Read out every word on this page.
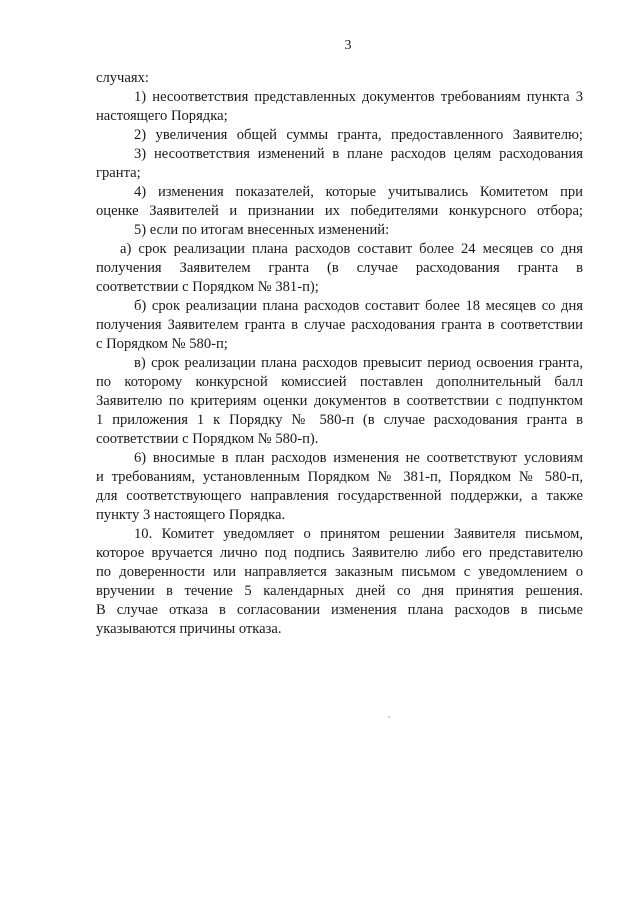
3
случаях:
1) несоответствия представленных документов требованиям пункта 3
настоящего Порядка;
2) увеличения общей суммы гранта, предоставленного Заявителю;
3) несоответствия изменений в плане расходов целям расходования
гранта;
4) изменения показателей, которые учитывались Комитетом при
оценке Заявителей и признании их победителями конкурсного отбора;
5) если по итогам внесенных изменений:
а) срок реализации плана расходов составит более 24 месяцев со дня
получения Заявителем гранта (в случае расходования гранта в
соответствии с Порядком № 381-п);
б) срок реализации плана расходов составит более 18 месяцев со дня
получения Заявителем гранта в случае расходования гранта в соответствии
с Порядком № 580-п;
в) срок реализации плана расходов превысит период освоения гранта,
по которому конкурсной комиссией поставлен дополнительный балл
Заявителю по критериям оценки документов в соответствии с подпунктом
1 приложения 1 к Порядку № 580-п (в случае расходования гранта в
соответствии с Порядком № 580-п).
6) вносимые в план расходов изменения не соответствуют условиям
и требованиям, установленным Порядком № 381-п, Порядком № 580-п,
для соответствующего направления государственной поддержки, а также
пункту 3 настоящего Порядка.
10. Комитет уведомляет о принятом решении Заявителя письмом,
которое вручается лично под подпись Заявителю либо его представителю
по доверенности или направляется заказным письмом с уведомлением о
вручении в течение 5 календарных дней со дня принятия решения.
В случае отказа в согласовании изменения плана расходов в письме
указываются причины отказа.
